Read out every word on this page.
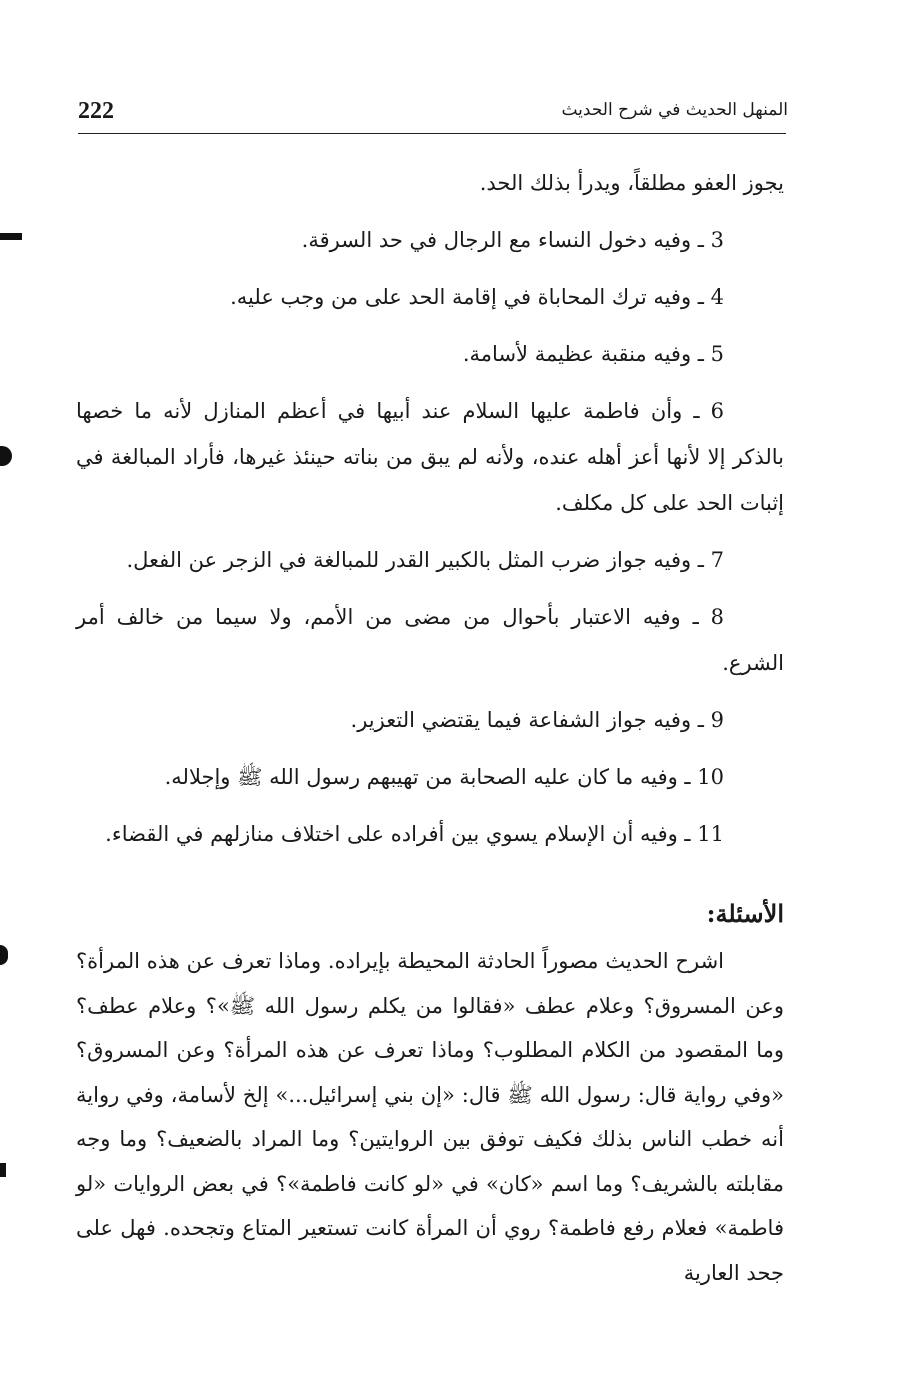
222	المنهل الحديث في شرح الحديث

يجوز العفو مطلقاً، ويدرأ بذلك الحد.

3 ـ وفيه دخول النساء مع الرجال في حد السرقة.

4 ـ وفيه ترك المحاباة في إقامة الحد على من وجب عليه.

5 ـ وفيه منقبة عظيمة لأسامة.

6 ـ وأن فاطمة عليها السلام عند أبيها في أعظم المنازل لأنه ما خصها بالذكر إلا لأنها أعز أهله عنده، ولأنه لم يبق من بناته حينئذ غيرها، فأراد المبالغة في إثبات الحد على كل مكلف.

7 ـ وفيه جواز ضرب المثل بالكبير القدر للمبالغة في الزجر عن الفعل.

8 ـ وفيه الاعتبار بأحوال من مضى من الأمم، ولا سيما من خالف أمر الشرع.

9 ـ وفيه جواز الشفاعة فيما يقتضي التعزير.

10 ـ وفيه ما كان عليه الصحابة من تهيبهم رسول الله ﷺ وإجلاله.

11 ـ وفيه أن الإسلام يسوي بين أفراده على اختلاف منازلهم في القضاء.

الأسئلة:

اشرح الحديث مصوراً الحادثة المحيطة بإيراده. وماذا تعرف عن هذه المرأة؟ وعن المسروق؟ وعلام عطف «فقالوا من يكلم رسول الله ﷺ»؟ وعلام عطف؟ وما المقصود من الكلام المطلوب؟ وماذا تعرف عن هذه المرأة؟ وعن المسروق؟ «وفي رواية قال: رسول الله ﷺ قال: «إن بني إسرائيل...» إلخ لأسامة، وفي رواية أنه خطب الناس بذلك فكيف توفق بين الروايتين؟ وما المراد بالضعيف؟ وما وجه مقابلته بالشريف؟ وما اسم «كان» في «لو كانت فاطمة»؟ في بعض الروايات «لو فاطمة» فعلام رفع فاطمة؟ روي أن المرأة كانت تستعير المتاع وتجحده. فهل على جحد العارية
